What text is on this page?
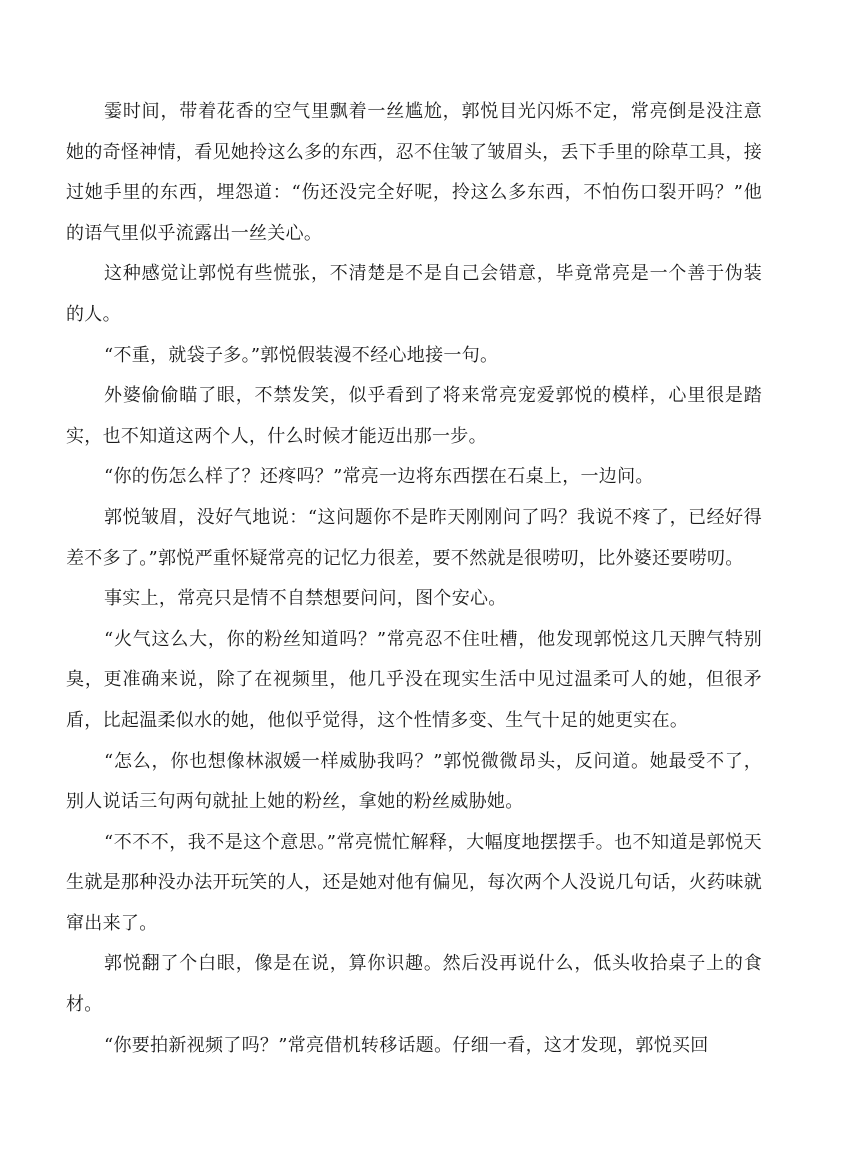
霎时间，带着花香的空气里飘着一丝尴尬，郭悦目光闪烁不定，常亮倒是没注意她的奇怪神情，看见她拎这么多的东西，忍不住皱了皱眉头，丢下手里的除草工具，接过她手里的东西，埋怨道：“伤还没完全好呢，拎这么多东西，不怕伤口裂开吗？”他的语气里似乎流露出一丝关心。

这种感觉让郭悦有些慌张，不清楚是不是自己会错意，毕竟常亮是一个善于伪装的人。

“不重，就袋子多。”郭悦假装漫不经心地接一句。

外婆偷偷瞄了眼，不禁发笑，似乎看到了将来常亮宠爱郭悦的模样，心里很是踏实，也不知道这两个人，什么时候才能迈出那一步。

“你的伤怎么样了？还疼吗？”常亮一边将东西摆在石桌上，一边问。

郭悦皱眉，没好气地说：“这问题你不是昨天刚刚问了吗？我说不疼了，已经好得差不多了。”郭悦严重怀疑常亮的记忆力很差，要不然就是很唠叨，比外婆还要唠叨。

事实上，常亮只是情不自禁想要问问，图个安心。

“火气这么大，你的粉丝知道吗？”常亮忍不住吐槽，他发现郭悦这几天脾气特别臭，更准确来说，除了在视频里，他几乎没在现实生活中见过温柔可人的她，但很矛盾，比起温柔似水的她，他似乎觉得，这个性情多变、生气十足的她更实在。

“怎么，你也想像林淑媛一样威胁我吗？”郭悦微微昂头，反问道。她最受不了，别人说话三句两句就扯上她的粉丝，拿她的粉丝威胁她。

“不不不，我不是这个意思。”常亮慌忙解释，大幅度地摆摆手。也不知道是郭悦天生就是那种没办法开玩笑的人，还是她对他有偏见，每次两个人没说几句话，火药味就窜出来了。

郭悦翻了个白眼，像是在说，算你识趣。然后没再说什么，低头收拾桌子上的食材。

“你要拍新视频了吗？”常亮借机转移话题。仔细一看，这才发现，郭悦买回
